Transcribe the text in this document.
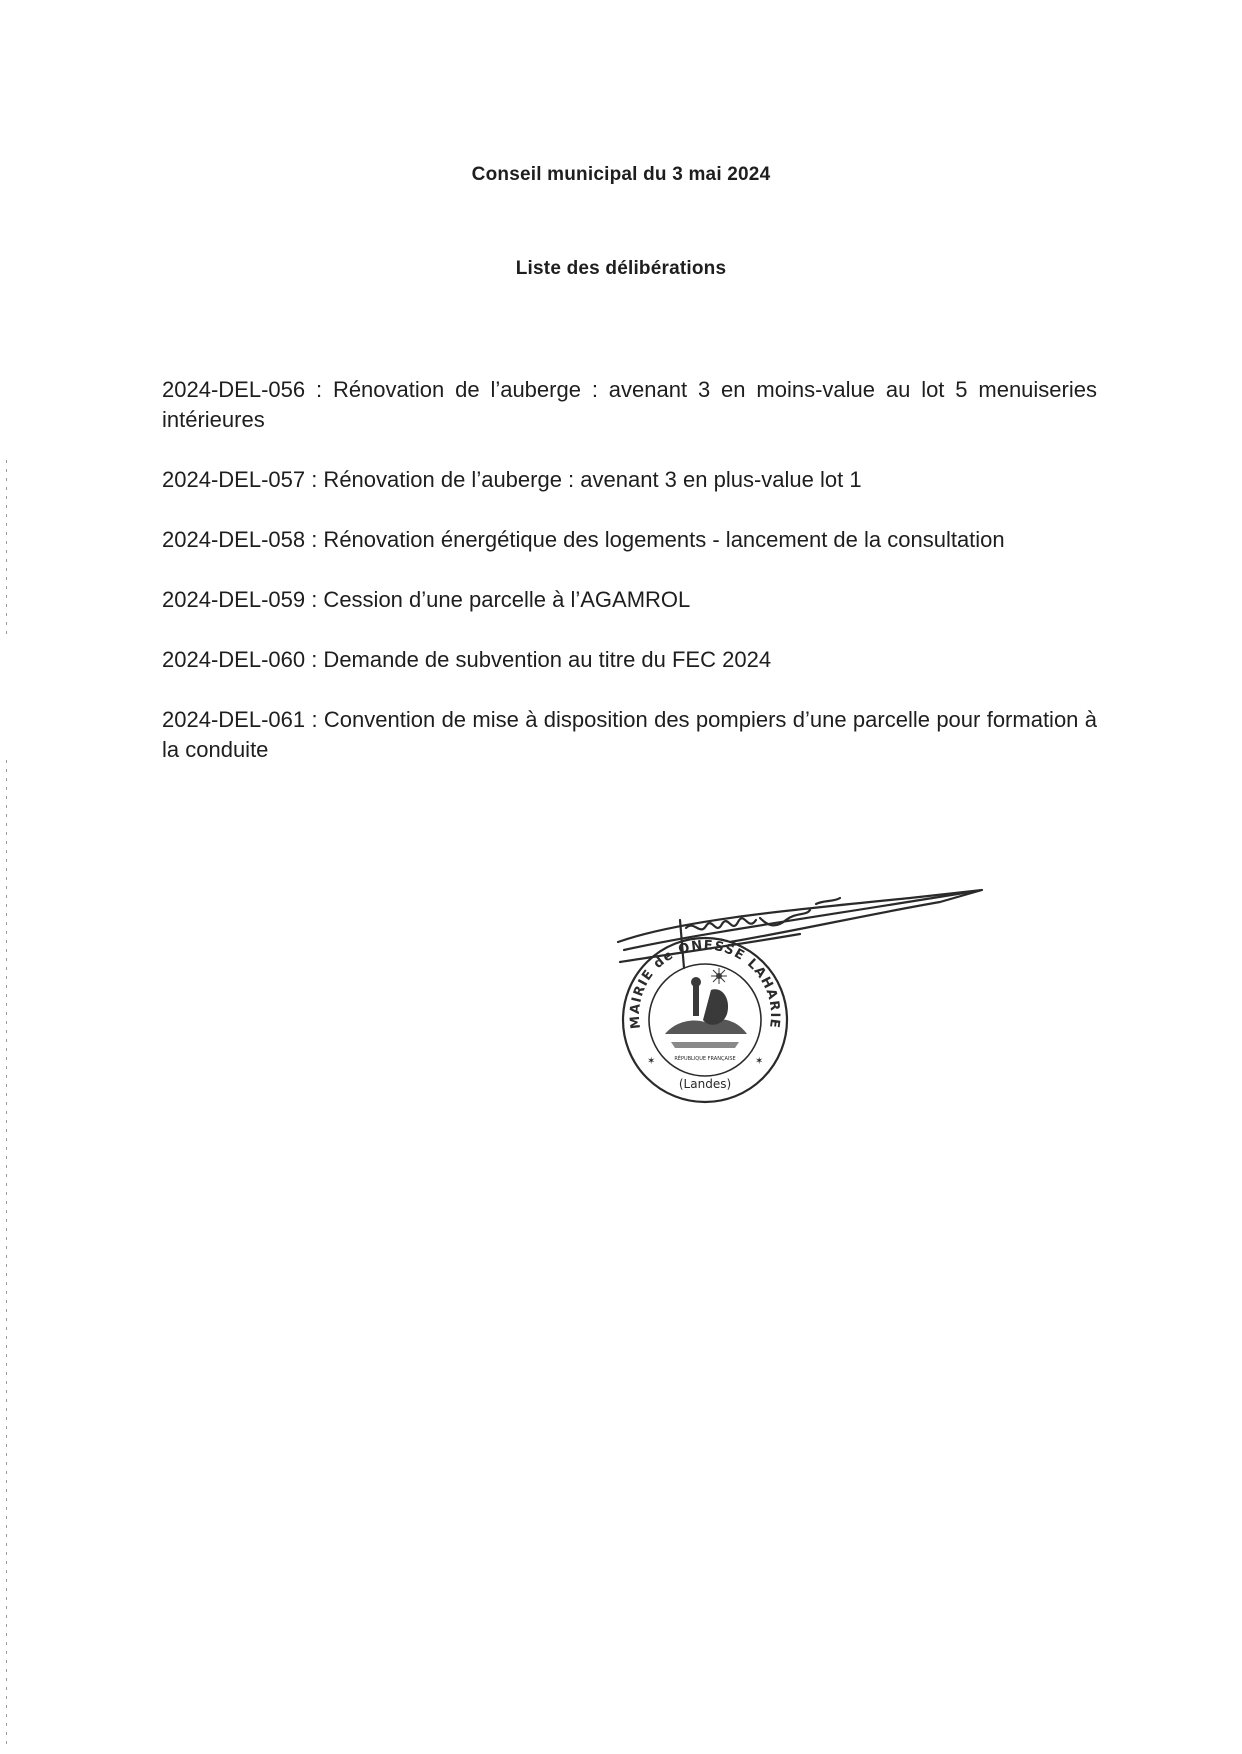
Conseil municipal du 3 mai 2024
Liste des délibérations

2024-DEL-056 : Rénovation de l’auberge : avenant 3 en moins-value au lot 5 menuiseries intérieures

2024-DEL-057 : Rénovation de l’auberge : avenant 3 en plus-value lot 1

2024-DEL-058 : Rénovation énergétique des logements - lancement de la consultation

2024-DEL-059 : Cession d’une parcelle à l’AGAMROL

2024-DEL-060 : Demande de subvention au titre du FEC 2024

2024-DEL-061 : Convention de mise à disposition des pompiers d’une parcelle pour formation à la conduite

MAIRIE de ONESSE LAHARIE
(Landes)
✶	✶
RÉPUBLIQUE FRANÇAISE
